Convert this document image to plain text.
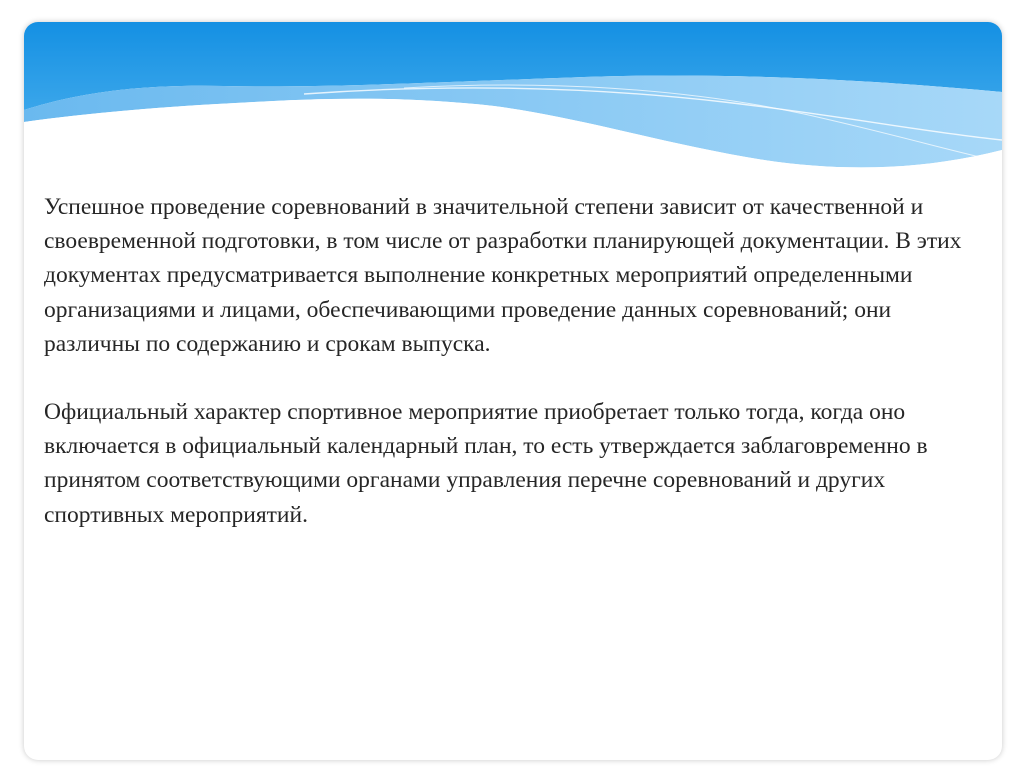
Успешное проведение соревнований в значительной степени зависит от качественной и своевременной подготовки, в том числе от разработки планирующей документации. В этих документах предусматривается выполнение конкретных мероприятий определенными организациями и лицами, обеспечивающими проведение данных соревнований; они различны по содержанию и срокам выпуска.

Официальный характер спортивное мероприятие приобретает только тогда, когда оно включается в официальный календарный план, то есть утверждается заблаговременно в принятом соответствующими органами управления перечне соревнований и других спортивных мероприятий.
